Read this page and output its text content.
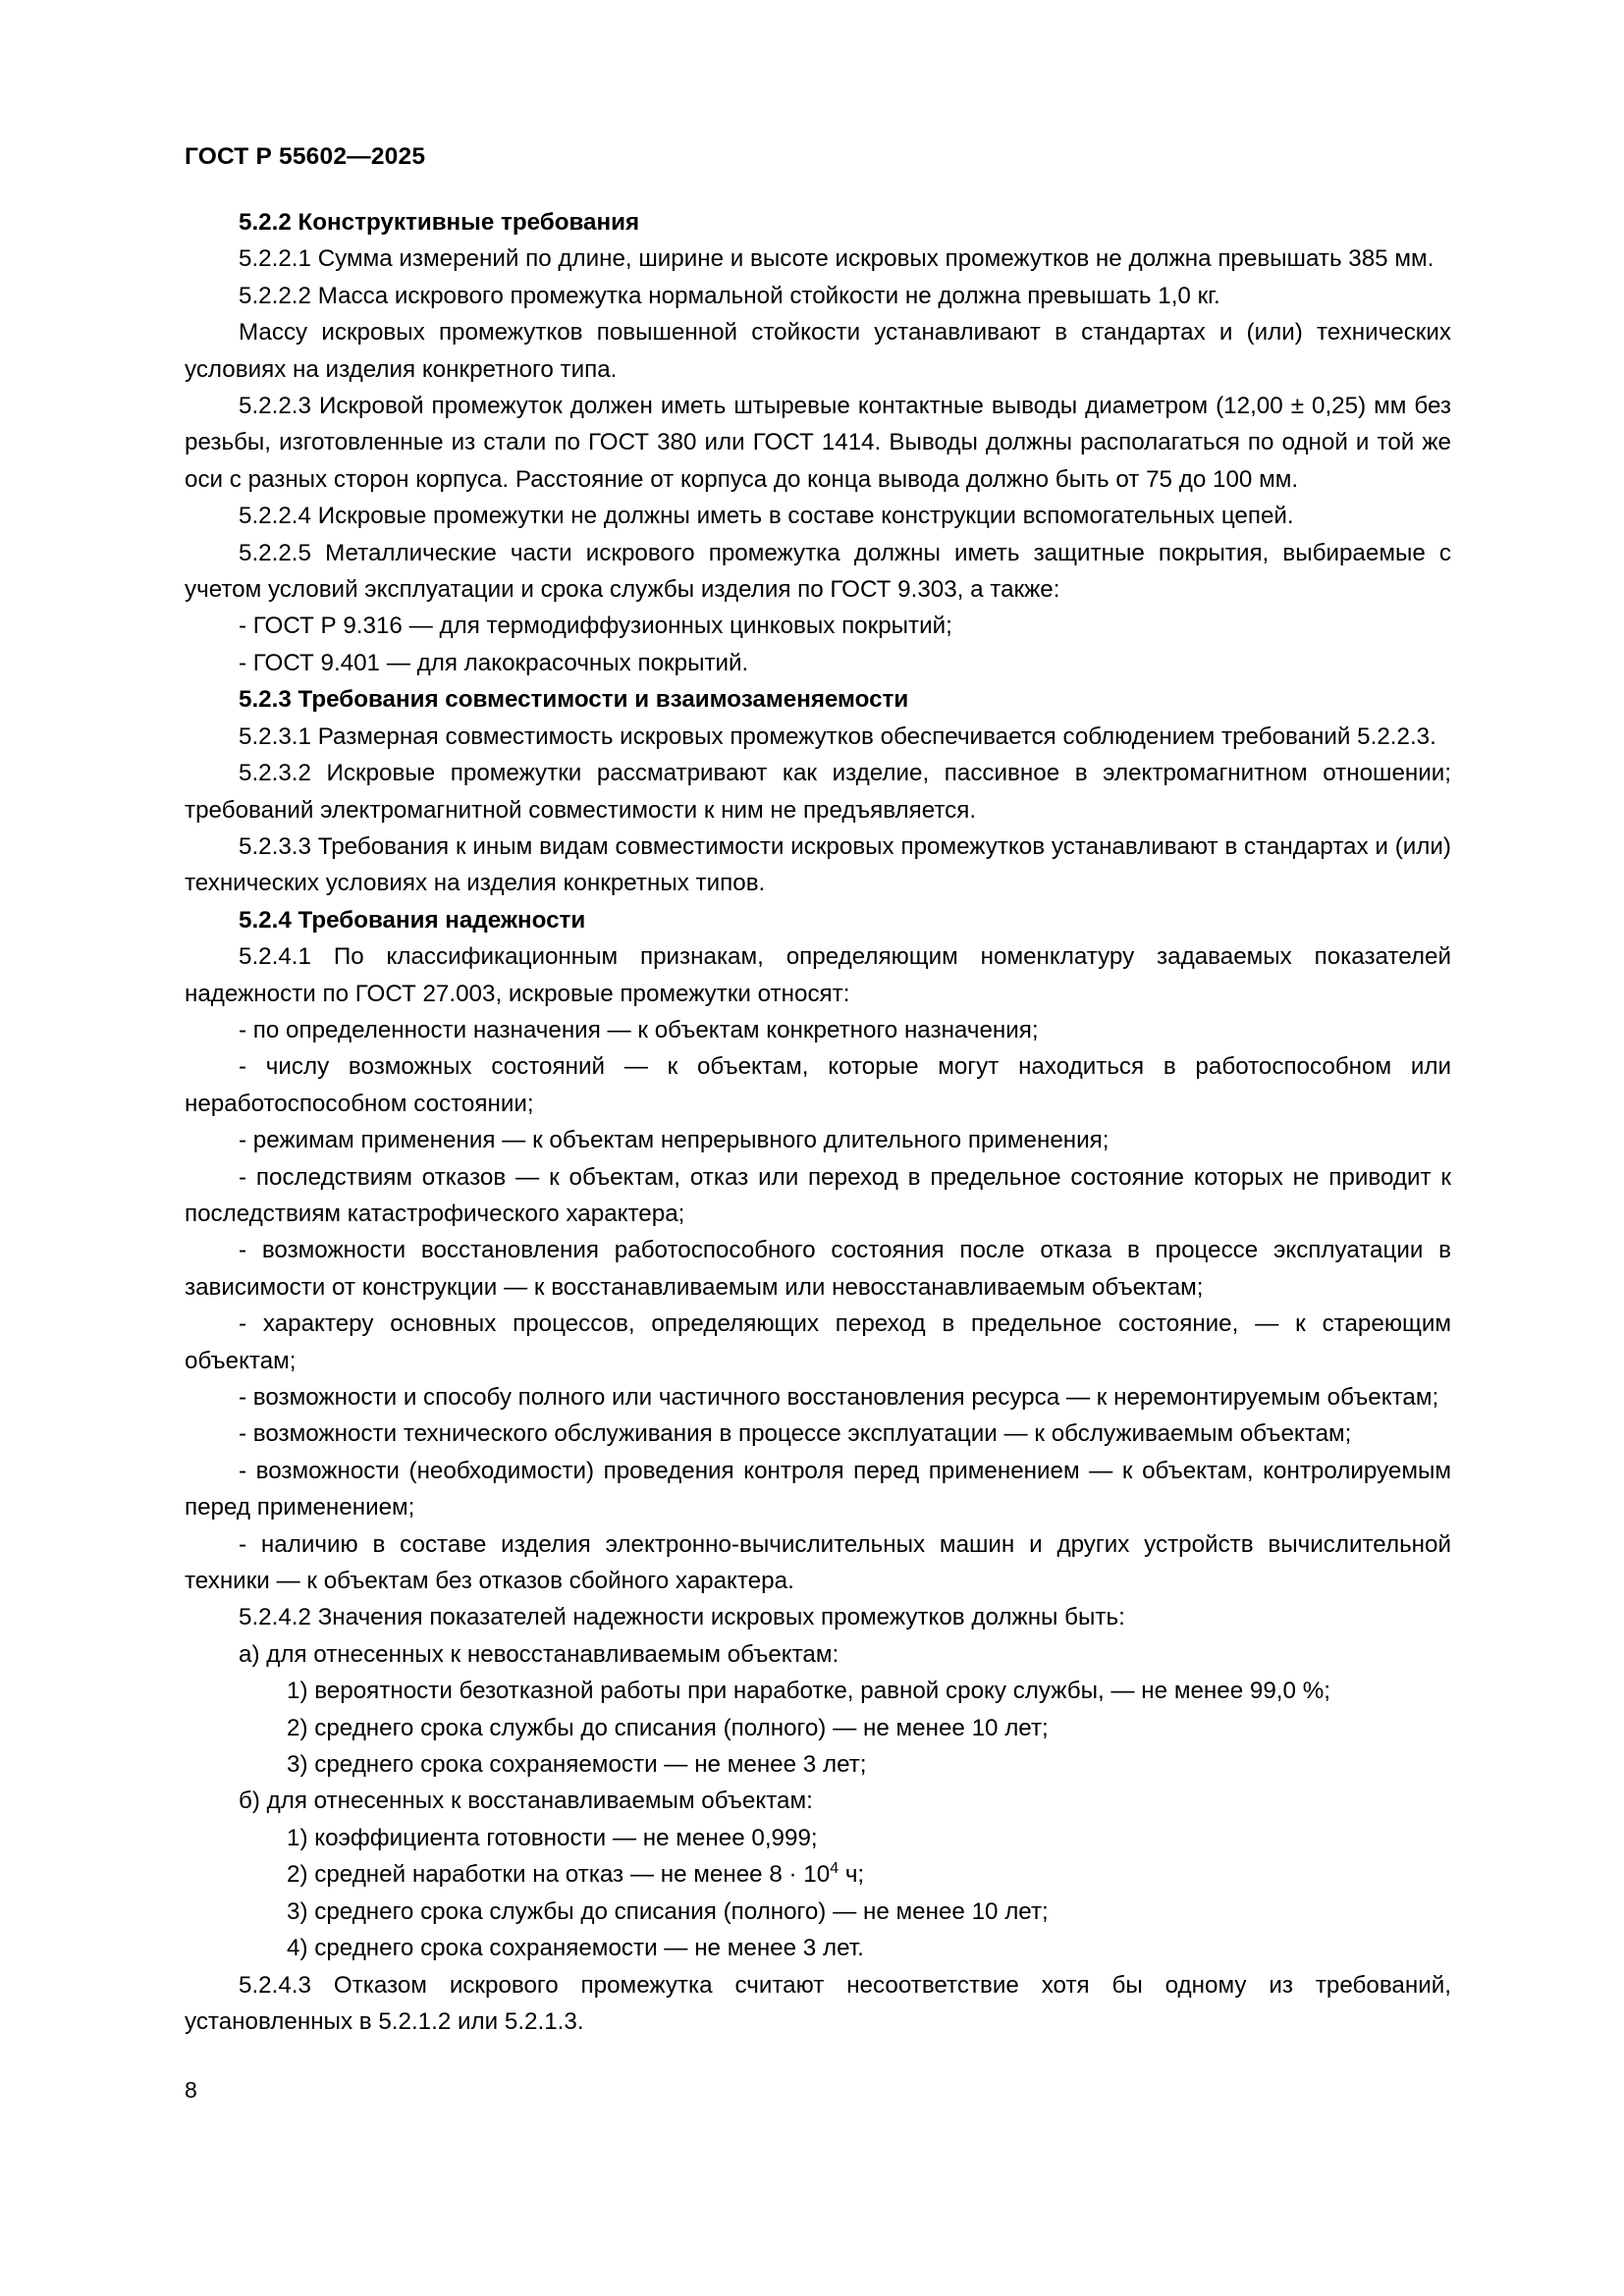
ГОСТ Р 55602—2025

5.2.2 Конструктивные требования

5.2.2.1 Сумма измерений по длине, ширине и высоте искровых промежутков не должна превышать 385 мм.

5.2.2.2 Масса искрового промежутка нормальной стойкости не должна превышать 1,0 кг.

Массу искровых промежутков повышенной стойкости устанавливают в стандартах и (или) технических условиях на изделия конкретного типа.

5.2.2.3 Искровой промежуток должен иметь штыревые контактные выводы диаметром (12,00 ± 0,25) мм без резьбы, изготовленные из стали по ГОСТ 380 или ГОСТ 1414. Выводы должны располагаться по одной и той же оси с разных сторон корпуса. Расстояние от корпуса до конца вывода должно быть от 75 до 100 мм.

5.2.2.4 Искровые промежутки не должны иметь в составе конструкции вспомогательных цепей.

5.2.2.5 Металлические части искрового промежутка должны иметь защитные покрытия, выбираемые с учетом условий эксплуатации и срока службы изделия по ГОСТ 9.303, а также:

- ГОСТ Р 9.316 — для термодиффузионных цинковых покрытий;

- ГОСТ 9.401 — для лакокрасочных покрытий.

5.2.3 Требования совместимости и взаимозаменяемости

5.2.3.1 Размерная совместимость искровых промежутков обеспечивается соблюдением требований 5.2.2.3.

5.2.3.2 Искровые промежутки рассматривают как изделие, пассивное в электромагнитном отношении; требований электромагнитной совместимости к ним не предъявляется.

5.2.3.3 Требования к иным видам совместимости искровых промежутков устанавливают в стандартах и (или) технических условиях на изделия конкретных типов.

5.2.4 Требования надежности

5.2.4.1 По классификационным признакам, определяющим номенклатуру задаваемых показателей надежности по ГОСТ 27.003, искровые промежутки относят:

- по определенности назначения — к объектам конкретного назначения;

- числу возможных состояний — к объектам, которые могут находиться в работоспособном или неработоспособном состоянии;

- режимам применения — к объектам непрерывного длительного применения;

- последствиям отказов — к объектам, отказ или переход в предельное состояние которых не приводит к последствиям катастрофического характера;

- возможности восстановления работоспособного состояния после отказа в процессе эксплуатации в зависимости от конструкции — к восстанавливаемым или невосстанавливаемым объектам;

- характеру основных процессов, определяющих переход в предельное состояние, — к стареющим объектам;

- возможности и способу полного или частичного восстановления ресурса — к неремонтируемым объектам;

- возможности технического обслуживания в процессе эксплуатации — к обслуживаемым объектам;

- возможности (необходимости) проведения контроля перед применением — к объектам, контролируемым перед применением;

- наличию в составе изделия электронно-вычислительных машин и других устройств вычислительной техники — к объектам без отказов сбойного характера.

5.2.4.2 Значения показателей надежности искровых промежутков должны быть:

а) для отнесенных к невосстанавливаемым объектам:

1) вероятности безотказной работы при наработке, равной сроку службы, — не менее 99,0 %;

2) среднего срока службы до списания (полного) — не менее 10 лет;

3) среднего срока сохраняемости — не менее 3 лет;

б) для отнесенных к восстанавливаемым объектам:

1) коэффициента готовности — не менее 0,999;

2) средней наработки на отказ — не менее $8 \cdot 10^4$ ч;

3) среднего срока службы до списания (полного) — не менее 10 лет;

4) среднего срока сохраняемости — не менее 3 лет.

5.2.4.3 Отказом искрового промежутка считают несоответствие хотя бы одному из требований, установленных в 5.2.1.2 или 5.2.1.3.

8
